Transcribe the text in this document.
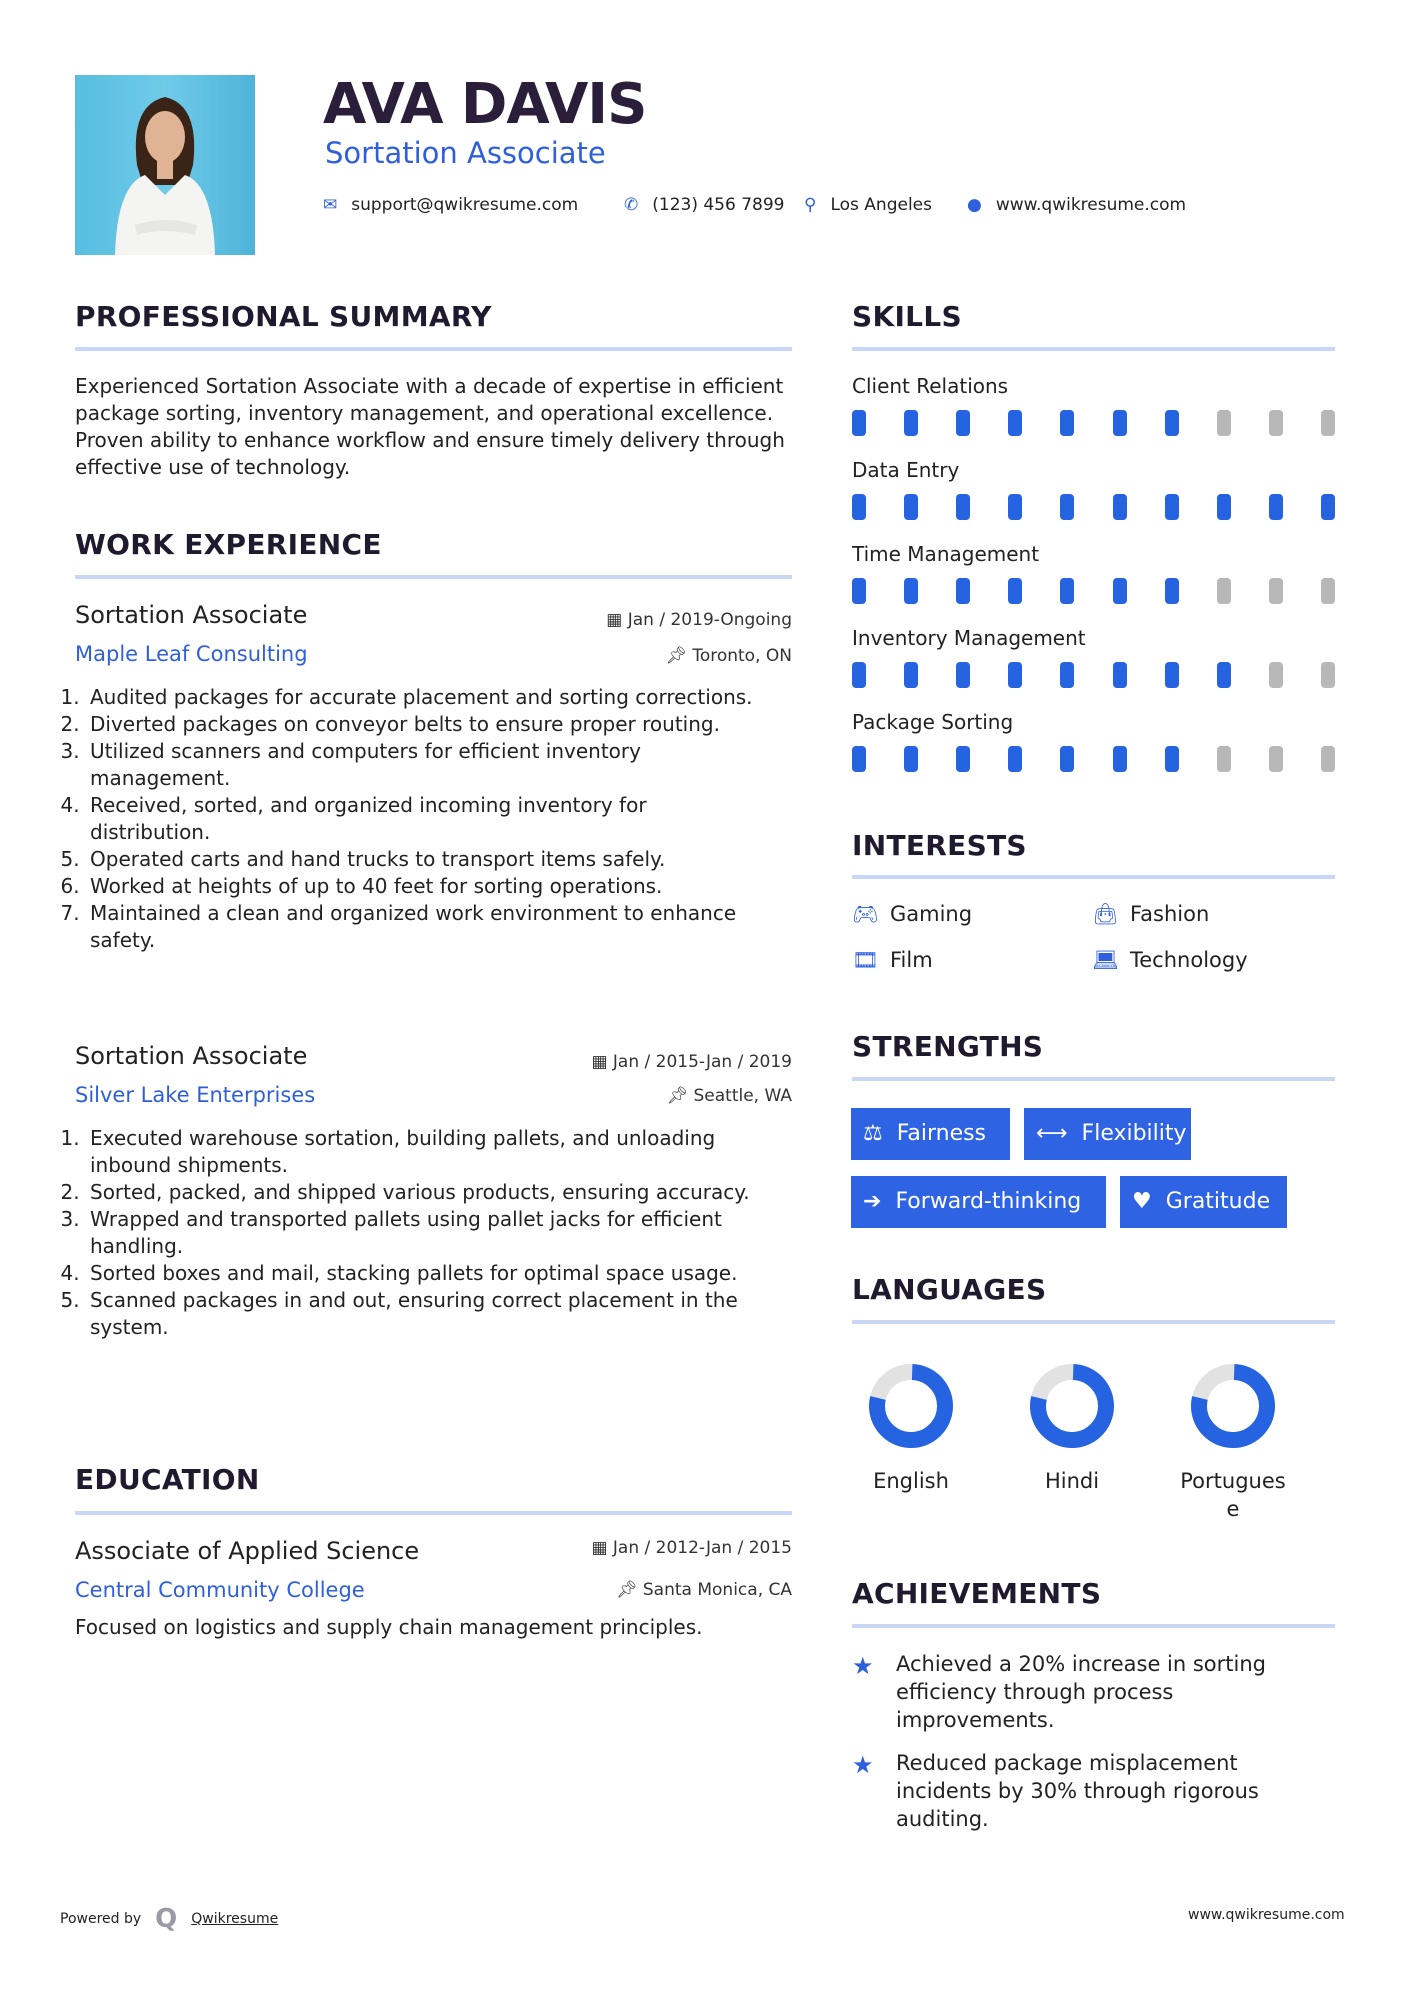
AVA DAVIS
Sortation Associate
✉ support@qwikresume.com	✆ (123) 456 7899 ⚲ Los Angeles ● www.qwikresume.com
PROFESSIONAL SUMMARY
Experienced Sortation Associate with a decade of expertise in efficient package sorting, inventory management, and operational excellence. Proven ability to enhance workflow and ensure timely delivery through effective use of technology.
WORK EXPERIENCE
Sortation Associate	▦ Jan / 2019-Ongoing
Maple Leaf Consulting	📌︎ Toronto, ON
1. Audited packages for accurate placement and sorting corrections.
2. Diverted packages on conveyor belts to ensure proper routing.
3. Utilized scanners and computers for efficient inventory management.
4. Received, sorted, and organized incoming inventory for distribution.
5. Operated carts and hand trucks to transport items safely.
6. Worked at heights of up to 40 feet for sorting operations.
7. Maintained a clean and organized work environment to enhance safety.
Sortation Associate	▦ Jan / 2015-Jan / 2019
Silver Lake Enterprises	📌︎ Seattle, WA
1. Executed warehouse sortation, building pallets, and unloading inbound shipments.
2. Sorted, packed, and shipped various products, ensuring accuracy.
3. Wrapped and transported pallets using pallet jacks for efficient handling.
4. Sorted boxes and mail, stacking pallets for optimal space usage.
5. Scanned packages in and out, ensuring correct placement in the system.
EDUCATION
Associate of Applied Science	▦ Jan / 2012-Jan / 2015
Central Community College	📌︎ Santa Monica, CA
Focused on logistics and supply chain management principles.
SKILLS
Client Relations
Data Entry
Time Management
Inventory Management
Package Sorting
INTERESTS
🎮︎ Gaming	👜︎ Fashion
🎞︎ Film	💻︎ Technology
STRENGTHS
⚖ Fairness	⟷ Flexibility
➔ Forward-thinking	♥ Gratitude
LANGUAGES
English	Hindi	Portugues e
ACHIEVEMENTS
★ Achieved a 20% increase in sorting efficiency through process improvements.
★ Reduced package misplacement incidents by 30% through rigorous auditing.
Powered by Q Qwikresume	www.qwikresume.com
